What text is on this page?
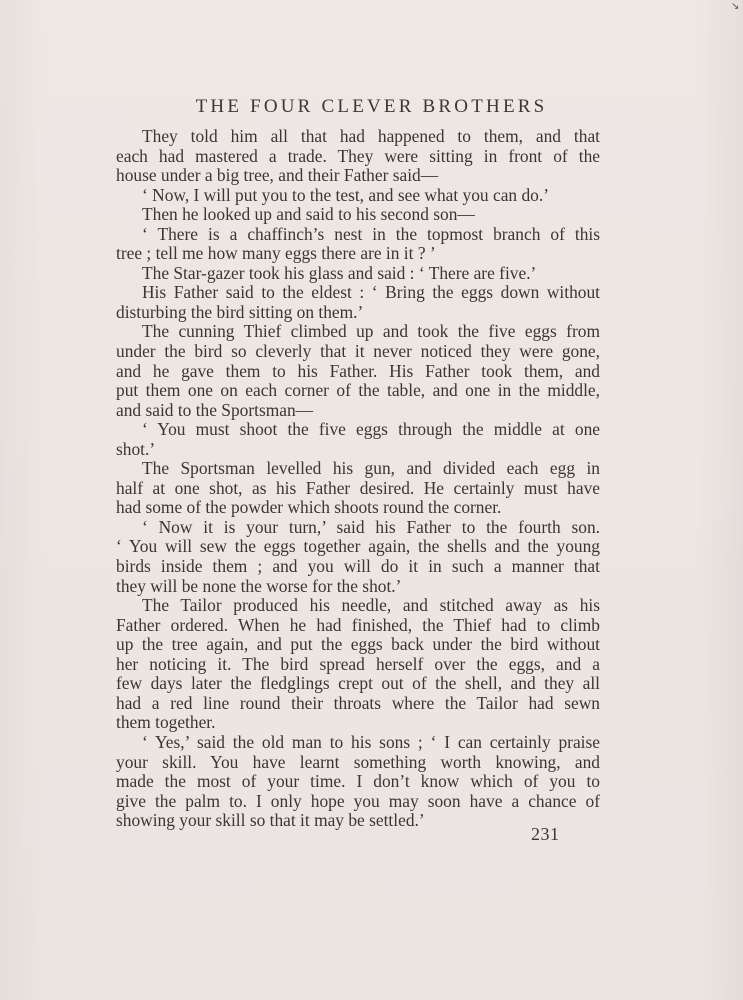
THE FOUR CLEVER BROTHERS
They told him all that had happened to them, and that
each had mastered a trade. They were sitting in front of the
house under a big tree, and their Father said—
‘ Now, I will put you to the test, and see what you can do.’
Then he looked up and said to his second son—
‘ There is a chaffinch’s nest in the topmost branch of this
tree ; tell me how many eggs there are in it ? ’
The Star-gazer took his glass and said : ‘ There are five.’
His Father said to the eldest : ‘ Bring the eggs down without
disturbing the bird sitting on them.’
The cunning Thief climbed up and took the five eggs from
under the bird so cleverly that it never noticed they were gone,
and he gave them to his Father. His Father took them, and
put them one on each corner of the table, and one in the middle,
and said to the Sportsman—
‘ You must shoot the five eggs through the middle at one
shot.’
The Sportsman levelled his gun, and divided each egg in
half at one shot, as his Father desired. He certainly must have
had some of the powder which shoots round the corner.
‘ Now it is your turn,’ said his Father to the fourth son.
‘ You will sew the eggs together again, the shells and the young
birds inside them ; and you will do it in such a manner that
they will be none the worse for the shot.’
The Tailor produced his needle, and stitched away as his
Father ordered. When he had finished, the Thief had to climb
up the tree again, and put the eggs back under the bird without
her noticing it. The bird spread herself over the eggs, and a
few days later the fledglings crept out of the shell, and they all
had a red line round their throats where the Tailor had sewn
them together.
‘ Yes,’ said the old man to his sons ; ‘ I can certainly praise
your skill. You have learnt something worth knowing, and
made the most of your time. I don’t know which of you to
give the palm to. I only hope you may soon have a chance of
showing your skill so that it may be settled.’
231
↘
